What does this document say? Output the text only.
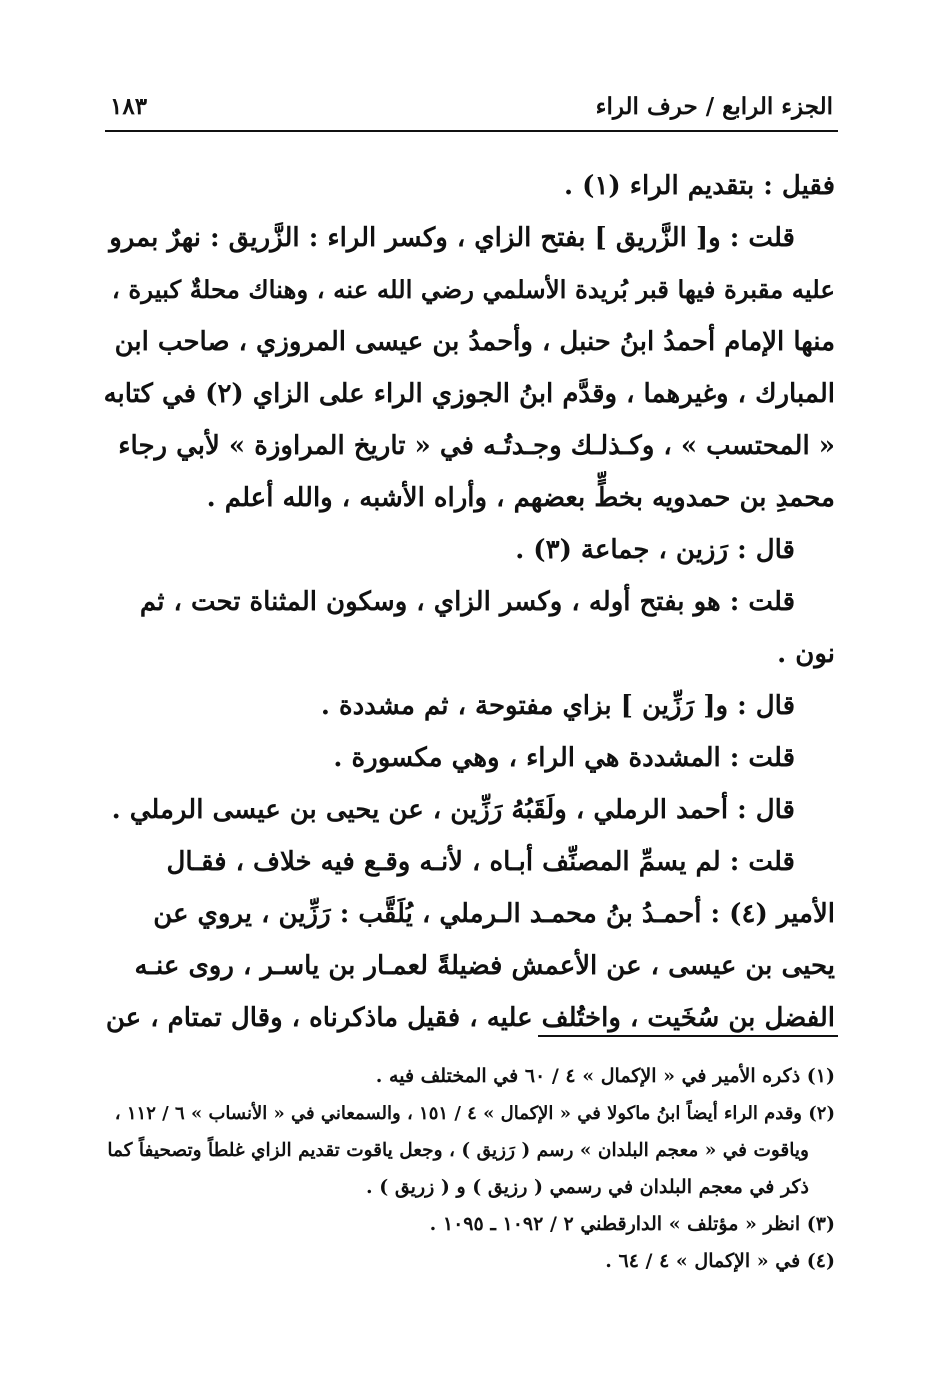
الجزء الرابع / حرف الراء
١٨٣
فقيل : بتقديم الراء (١) .
قلت : و[ الزَّريق ] بفتح الزاي ، وكسر الراء : الزَّريق : نهرٌ بمرو
عليه مقبرة فيها قبر بُريدة الأسلمي رضي الله عنه ، وهناك محلةٌ كبيرة ،
منها الإمام أحمدُ ابنُ حنبل ، وأحمدُ بن عيسى المروزي ، صاحب ابن
المبارك ، وغيرهما ، وقدَّم ابنُ الجوزي الراء على الزاي (٢) في كتابه
« المحتسب » ، وكـذلـك وجـدتُـه في « تاريخ المراوزة » لأبي رجاء
محمدِ بن حمدويه بخطٍّ بعضهم ، وأراه الأشبه ، والله أعلم .
قال : رَزين ، جماعة (٣) .
قلت : هو بفتح أوله ، وكسر الزاي ، وسكون المثناة تحت ، ثم
نون .
قال : و[ رَزِّين ] بزاي مفتوحة ، ثم مشددة .
قلت : المشددة هي الراء ، وهي مكسورة .
قال : أحمد الرملي ، ولَقَبُهُ رَزِّين ، عن يحيى بن عيسى الرملي .
قلت : لم يسمِّ المصنِّف أبـاه ، لأنـه وقـع فيه خلاف ، فقـال
الأمير (٤) : أحمـدُ بنُ محمـد الـرملي ، يُلَقَّب : رَزِّين ، يروي عن
يحيى بن عيسى ، عن الأعمش فضيلةً لعمـار بن ياسـر ، روى عنـه
الفضل بن سُخَيت ، واختُلف عليه ، فقيل ماذكرناه ، وقال تمتام ، عن
(١) ذكره الأمير في « الإكمال » ٤ / ٦٠ في المختلف فيه .
(٢) وقدم الراء أيضاً ابنُ ماكولا في « الإكمال » ٤ / ١٥١ ، والسمعاني في « الأنساب » ٦ / ١١٢ ،
وياقوت في « معجم البلدان » رسم ( رَزيق ) ، وجعل ياقوت تقديم الزاي غلطاً وتصحيفاً كما
ذكر في معجم البلدان في رسمي ( رزيق ) و ( زريق ) .
(٣) انظر « مؤتلف » الدارقطني ٢ / ١٠٩٢ ـ ١٠٩٥ .
(٤) في « الإكمال » ٤ / ٦٤ .
